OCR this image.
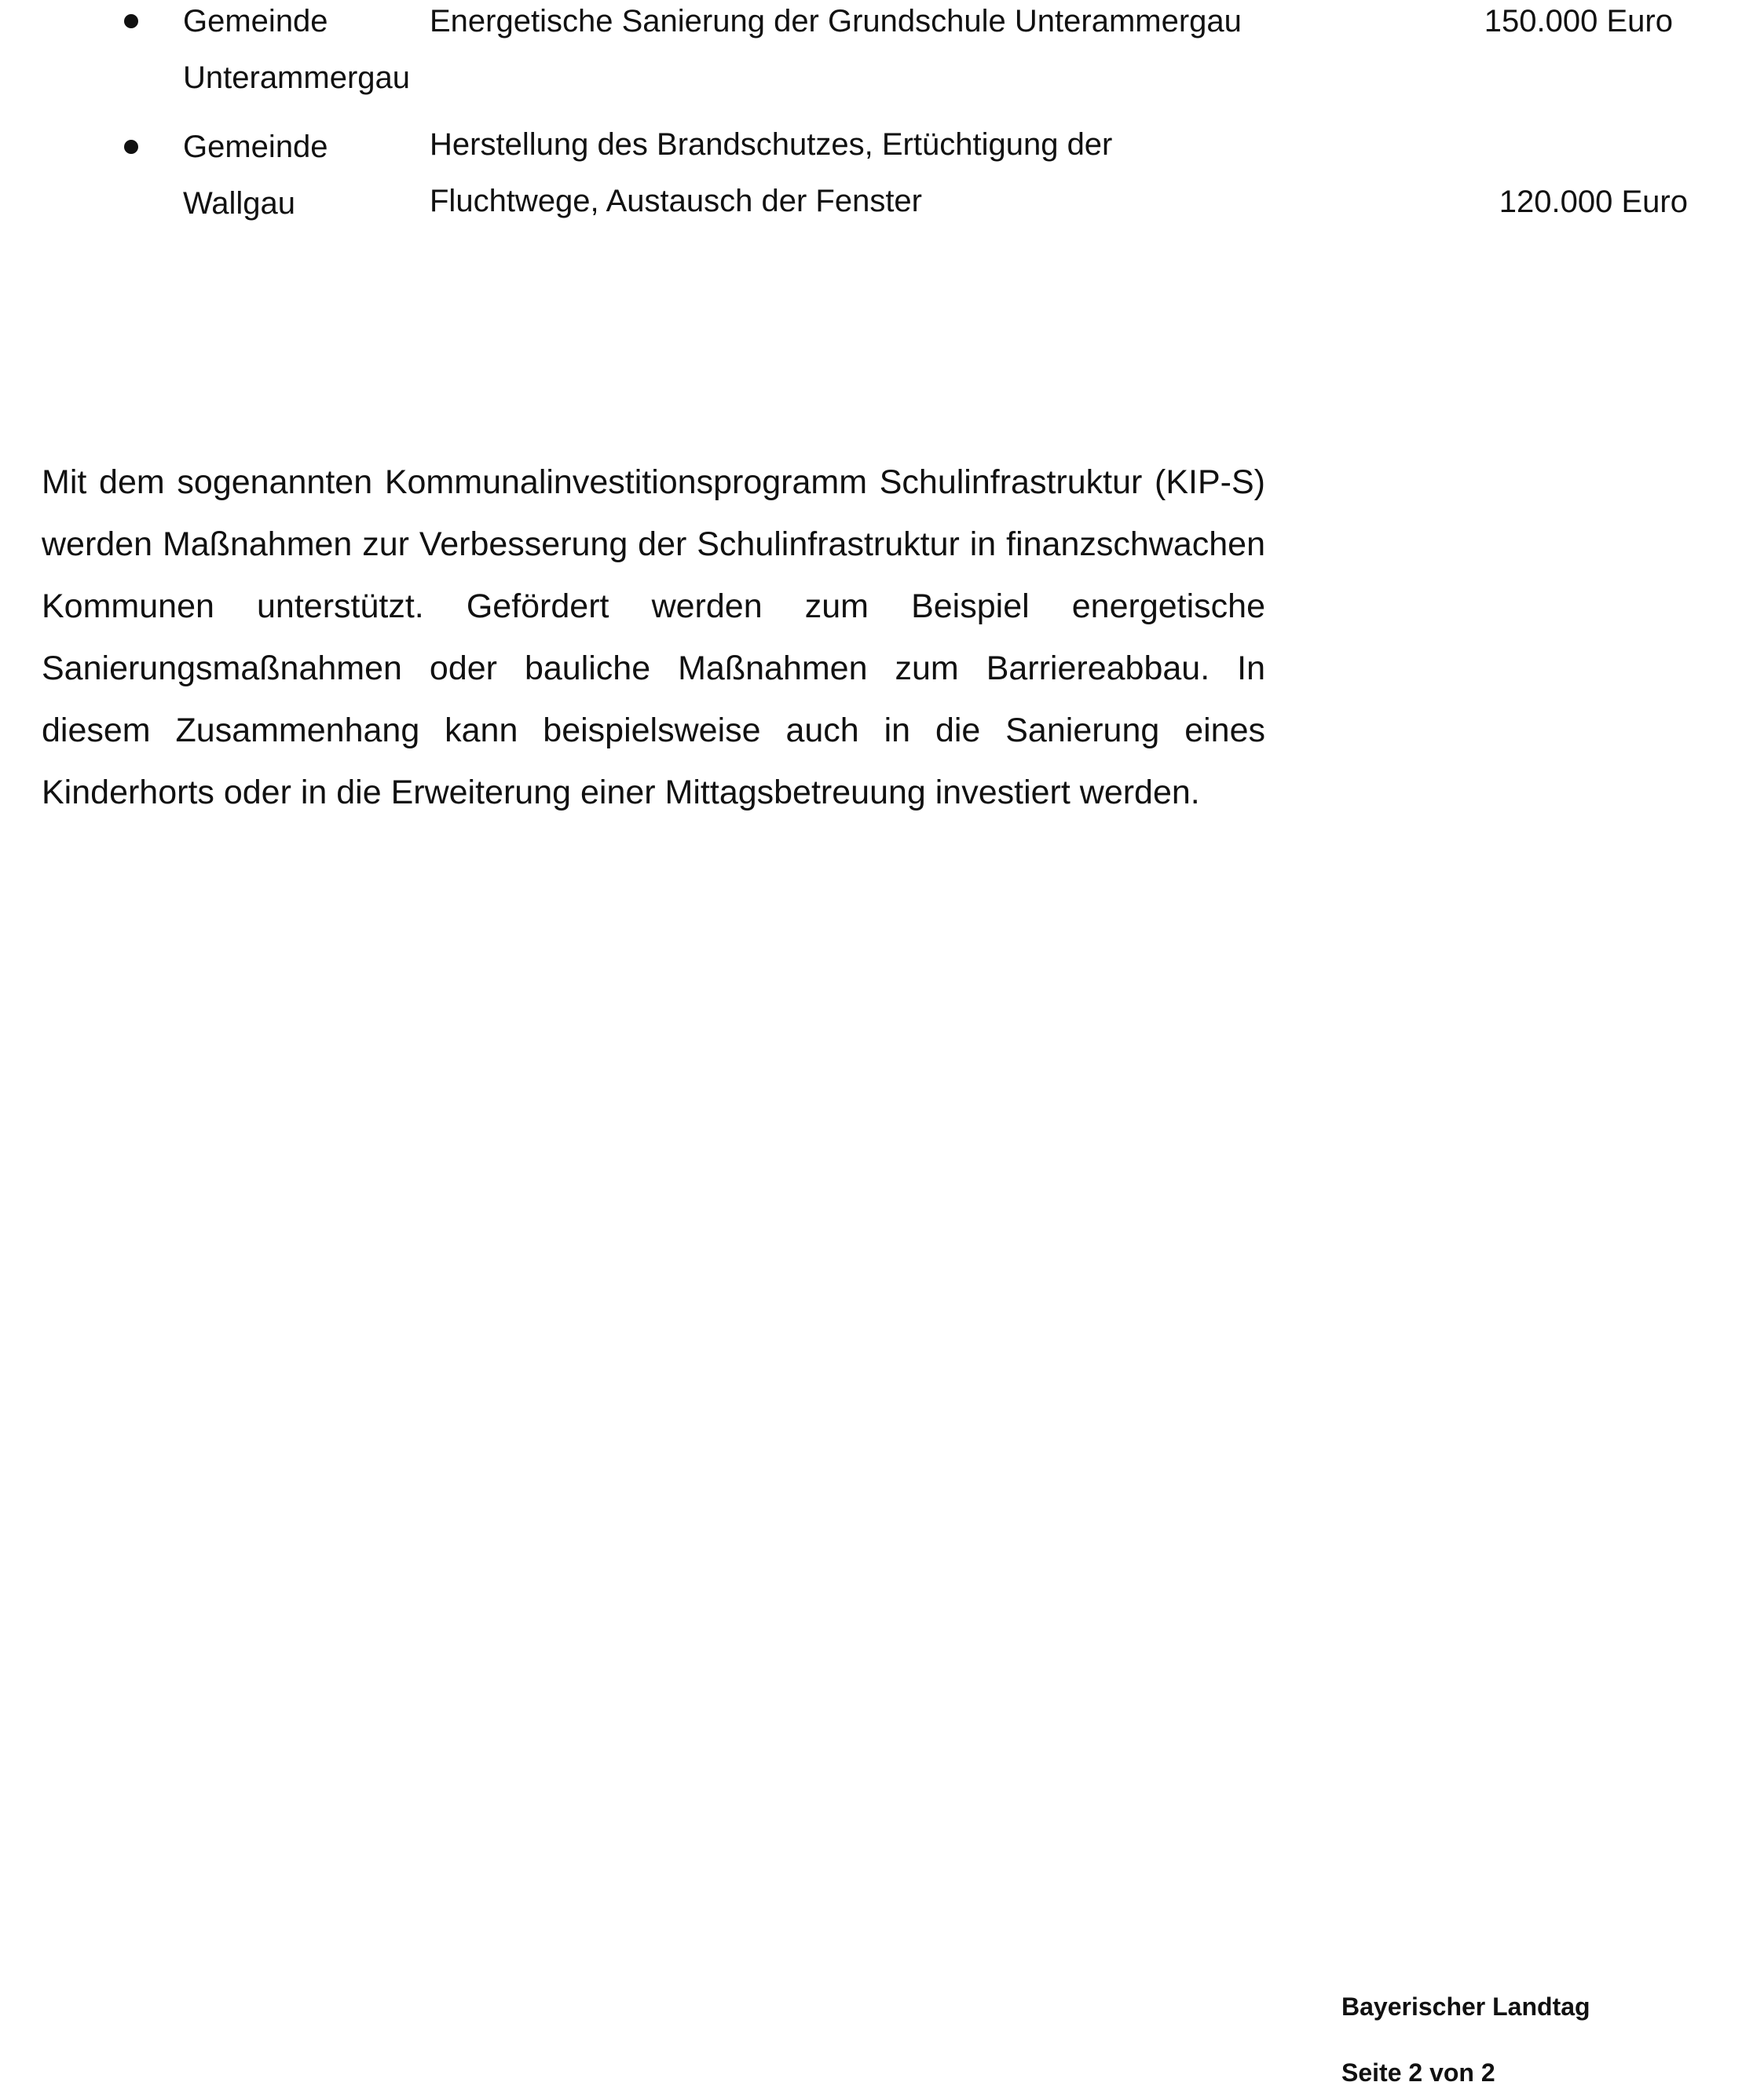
Gemeinde
Unterammergau
Energetische Sanierung der Grundschule Unterammergau	150.000 Euro
Gemeinde
Wallgau
Herstellung des Brandschutzes, Ertüchtigung der
Fluchtwege, Austausch der Fenster	120.000 Euro

Mit dem sogenannten Kommunalinvestitionsprogramm Schulinfrastruktur (KIP-S) werden Maßnahmen zur Verbesserung der Schulinfrastruktur in finanzschwachen Kommunen unterstützt. Gefördert werden zum Beispiel energetische Sanierungsmaßnahmen oder bauliche Maßnahmen zum Barriereabbau. In diesem Zusammenhang kann beispielsweise auch in die Sanierung eines Kinderhorts oder in die Erweiterung einer Mittagsbetreuung investiert werden.

Bayerischer Landtag
Seite 2 von 2
